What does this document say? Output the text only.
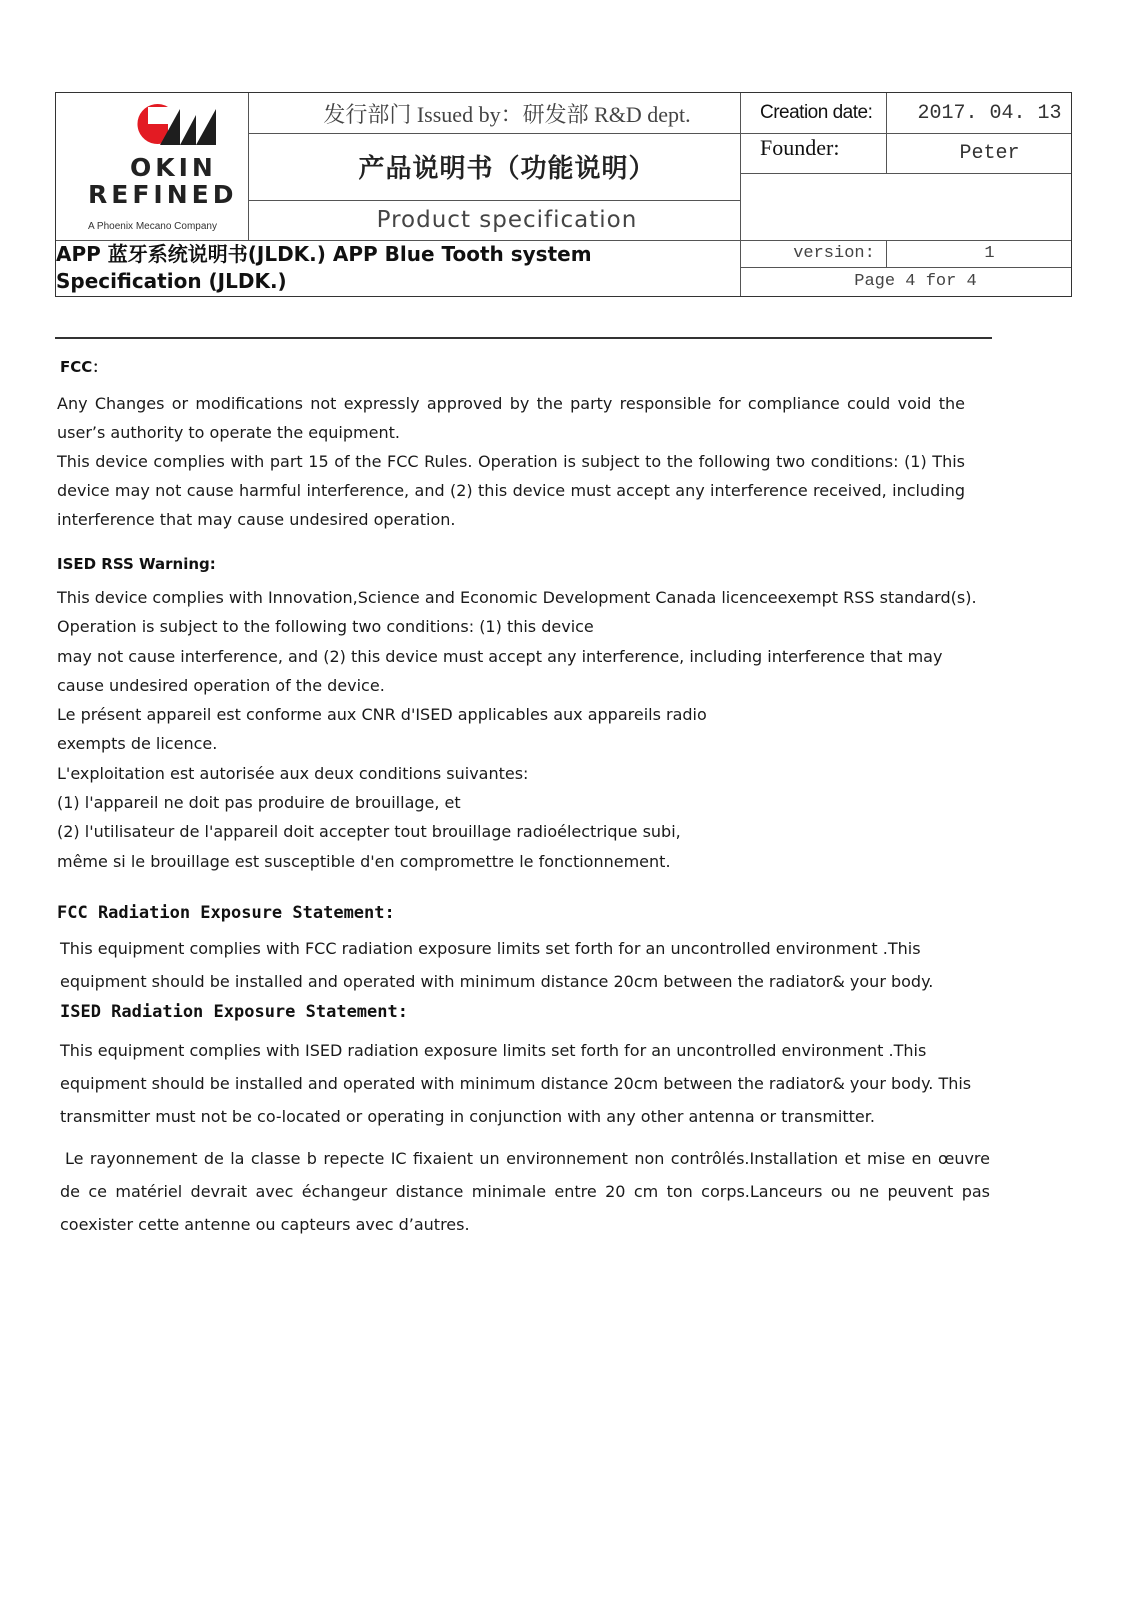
OKIN
REFINED
A Phoenix Mecano Company
发行部门 Issued by：研发部 R&D dept.
产品说明书（功能说明）
Product specification
Creation date:	2017. 04. 13
Founder:	Peter
APP 蓝牙系统说明书(JLDK.) APP Blue Tooth system
Specification (JLDK.)
version:	1
Page 4 for 4
FCC：
Any Changes or modifications not expressly approved by the party responsible for compliance could void the user’s authority to operate the equipment.
This device complies with part 15 of the FCC Rules. Operation is subject to the following two conditions: (1) This device may not cause harmful interference, and (2) this device must accept any interference received, including interference that may cause undesired operation.
ISED RSS Warning:
This device complies with Innovation,Science and Economic Development Canada licenceexempt RSS standard(s).
Operation is subject to the following two conditions: (1) this device
may not cause interference, and (2) this device must accept any interference, including interference that may
cause undesired operation of the device.
Le présent appareil est conforme aux CNR d'ISED applicables aux appareils radio
exempts de licence.
L'exploitation est autorisée aux deux conditions suivantes:
(1) l'appareil ne doit pas produire de brouillage, et
(2) l'utilisateur de l'appareil doit accepter tout brouillage radioélectrique subi,
même si le brouillage est susceptible d'en compromettre le fonctionnement.
FCC Radiation Exposure Statement:
This equipment complies with FCC radiation exposure limits set forth for an uncontrolled environment .This
equipment should be installed and operated with minimum distance 20cm between the radiator& your body.
ISED Radiation Exposure Statement:
This equipment complies with ISED radiation exposure limits set forth for an uncontrolled environment .This
equipment should be installed and operated with minimum distance 20cm between the radiator& your body. This
transmitter must not be co-located or operating in conjunction with any other antenna or transmitter.
Le rayonnement de la classe b repecte IC fixaient un environnement non contrôlés.Installation et mise en œuvre de ce matériel devrait avec échangeur distance minimale entre 20 cm ton corps.Lanceurs ou ne peuvent pas coexister cette antenne ou capteurs avec d’autres.
